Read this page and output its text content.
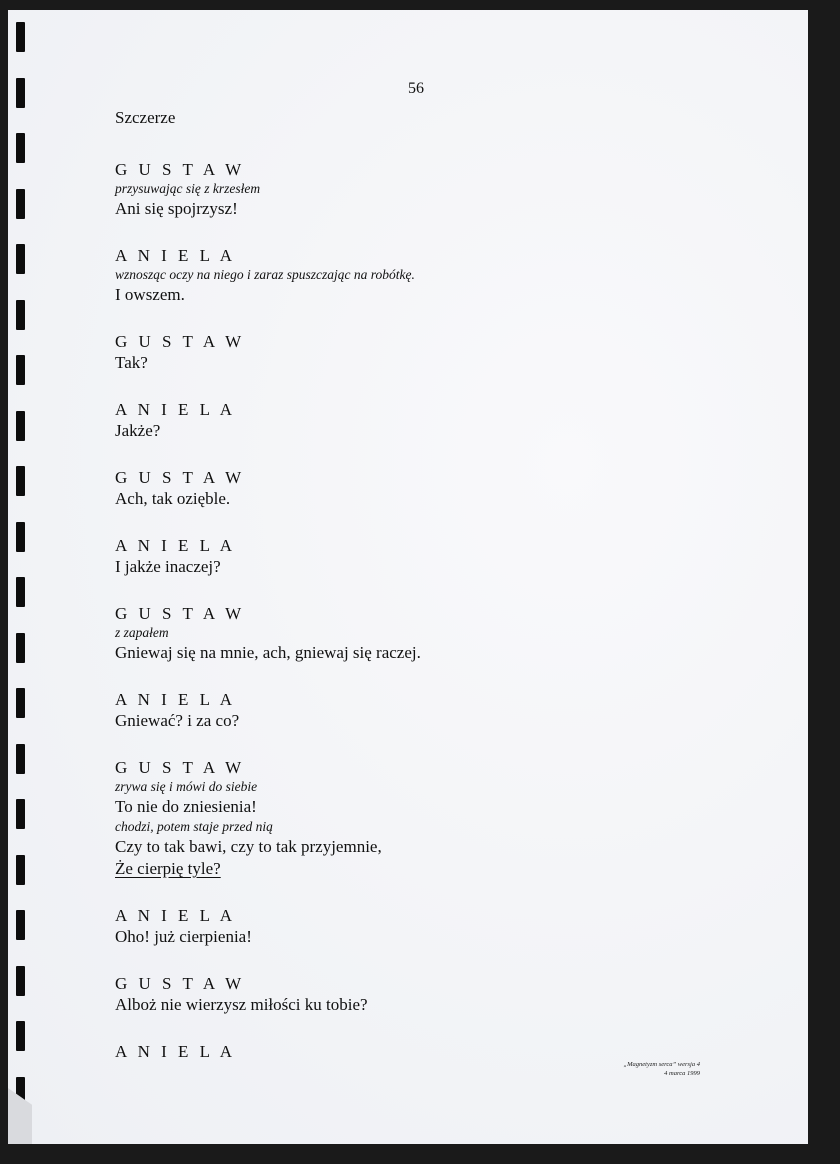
56

Szczerze

G U S T A W

przysuwając się z krzesłem

Ani się spojrzysz!

A N I E L A

wznosząc oczy na niego i zaraz spuszczając na robótkę.

I owszem.

G U S T A W

Tak?

A N I E L A

Jakże?

G U S T A W

Ach, tak ozięble.

A N I E L A

I jakże inaczej?

G U S T A W

z zapałem

Gniewaj się na mnie, ach, gniewaj się raczej.

A N I E L A

Gniewać? i za co?

G U S T A W

zrywa się i mówi do siebie

To nie do zniesienia!

chodzi, potem staje przed nią

Czy to tak bawi, czy to tak przyjemnie,

Że cierpię tyle?

A N I E L A

Oho! już cierpienia!

G U S T A W

Alboż nie wierzysz miłości ku tobie?

A N I E L A

„Magnetyzm serca” wersja 4
4 marca 1999
